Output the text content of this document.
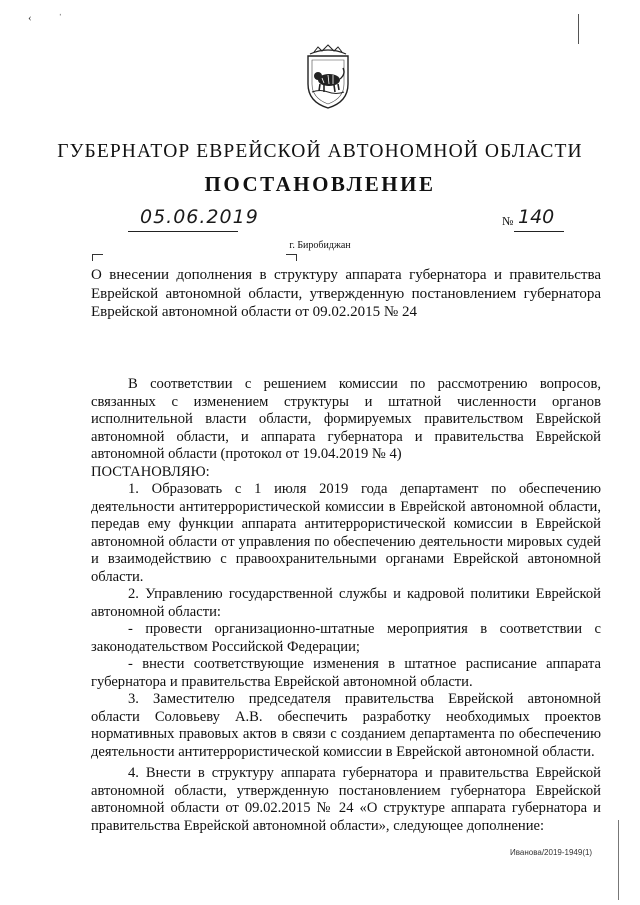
‹ ˈ
ГУБЕРНАТОР ЕВРЕЙСКОЙ АВТОНОМНОЙ ОБЛАСТИ
ПОСТАНОВЛЕНИЕ
05.06.2019	№ 140
г. Биробиджан
О внесении дополнения в структуру аппарата губернатора и правительства Еврейской автономной области, утвержденную постановлением губернатора Еврейской автономной области от 09.02.2015 № 24

В соответствии с решением комиссии по рассмотрению вопросов, связанных с изменением структуры и штатной численности органов исполнительной власти области, формируемых правительством Еврейской автономной области, и аппарата губернатора и правительства Еврейской автономной области (протокол от 19.04.2019 № 4)

ПОСТАНОВЛЯЮ:

1. Образовать с 1 июля 2019 года департамент по обеспечению деятельности антитеррористической комиссии в Еврейской автономной области, передав ему функции аппарата антитеррористической комиссии в Еврейской автономной области от управления по обеспечению деятельности мировых судей и взаимодействию с правоохранительными органами Еврейской автономной области.

2. Управлению государственной службы и кадровой политики Еврейской автономной области:

- провести организационно-штатные мероприятия в соответствии с законодательством Российской Федерации;

- внести соответствующие изменения в штатное расписание аппарата губернатора и правительства Еврейской автономной области.

3. Заместителю председателя правительства Еврейской автономной области Соловьеву А.В. обеспечить разработку необходимых проектов нормативных правовых актов в связи с созданием департамента по обеспечению деятельности антитеррористической комиссии в Еврейской автономной области.

4. Внести в структуру аппарата губернатора и правительства Еврейской автономной области, утвержденную постановлением губернатора Еврейской автономной области от 09.02.2015 № 24 «О структуре аппарата губернатора и правительства Еврейской автономной области», следующее дополнение:

Иванова/2019-1949(1)
